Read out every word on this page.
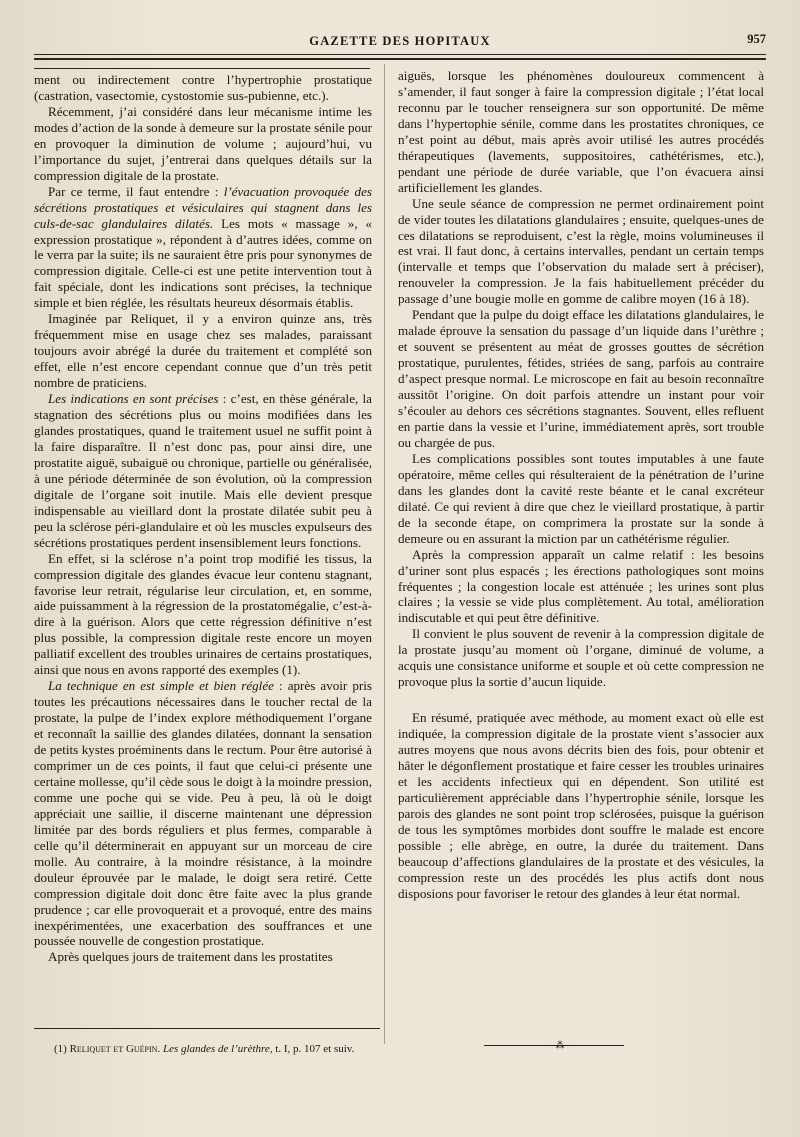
GAZETTE DES HOPITAUX	957

ment ou indirectement contre l’hypertrophie prostatique (castration, vasectomie, cystostomie sus-pubienne, etc.).

Récemment, j’ai considéré dans leur mécanisme intime les modes d’action de la sonde à demeure sur la prostate sénile pour en provoquer la diminution de volume ; aujourd’hui, vu l’importance du sujet, j’entrerai dans quelques détails sur la compression digitale de la prostate.

Par ce terme, il faut entendre : l’évacuation provoquée des sécrétions prostatiques et vésiculaires qui stagnent dans les culs-de-sac glandulaires dilatés. Les mots « massage », « expression prostatique », répondent à d’autres idées, comme on le verra par la suite; ils ne sauraient être pris pour synonymes de compression digitale. Celle-ci est une petite intervention tout à fait spéciale, dont les indications sont précises, la technique simple et bien réglée, les résultats heureux désormais établis.

Imaginée par Reliquet, il y a environ quinze ans, très fréquemment mise en usage chez ses malades, paraissant toujours avoir abrégé la durée du traitement et complété son effet, elle n’est encore cependant connue que d’un très petit nombre de praticiens.

Les indications en sont précises : c’est, en thèse générale, la stagnation des sécrétions plus ou moins modifiées dans les glandes prostatiques, quand le traitement usuel ne suffit point à la faire disparaître. Il n’est donc pas, pour ainsi dire, une prostatite aiguë, subaiguë ou chronique, partielle ou généralisée, à une période déterminée de son évolution, où la compression digitale de l’organe soit inutile. Mais elle devient presque indispensable au vieillard dont la prostate dilatée subit peu à peu la sclérose péri-glandulaire et où les muscles expulseurs des sécrétions prostatiques perdent insensiblement leurs fonctions.

En effet, si la sclérose n’a point trop modifié les tissus, la compression digitale des glandes évacue leur contenu stagnant, favorise leur retrait, régularise leur circulation, et, en somme, aide puissamment à la régression de la prostatomégalie, c’est-à-dire à la guérison. Alors que cette régression définitive n’est plus possible, la compression digitale reste encore un moyen palliatif excellent des troubles urinaires de certains prostatiques, ainsi que nous en avons rapporté des exemples (1).

La technique en est simple et bien réglée : après avoir pris toutes les précautions nécessaires dans le toucher rectal de la prostate, la pulpe de l’index explore méthodiquement l’organe et reconnaît la saillie des glandes dilatées, donnant la sensation de petits kystes proéminents dans le rectum. Pour être autorisé à comprimer un de ces points, il faut que celui-ci présente une certaine mollesse, qu’il cède sous le doigt à la moindre pression, comme une poche qui se vide. Peu à peu, là où le doigt appréciait une saillie, il discerne maintenant une dépression limitée par des bords réguliers et plus fermes, comparable à celle qu’il déterminerait en appuyant sur un morceau de cire molle. Au contraire, à la moindre résistance, à la moindre douleur éprouvée par le malade, le doigt sera retiré. Cette compression digitale doit donc être faite avec la plus grande prudence ; car elle provoquerait et a provoqué, entre des mains inexpérimentées, une exacerbation des souffrances et une poussée nouvelle de congestion prostatique.

Après quelques jours de traitement dans les prostatites

aiguës, lorsque les phénomènes douloureux commencent à s’amender, il faut songer à faire la compression digitale ; l’état local reconnu par le toucher renseignera sur son opportunité. De même dans l’hypertophie sénile, comme dans les prostatites chroniques, ce n’est point au début, mais après avoir utilisé les autres procédés thérapeutiques (lavements, suppositoires, cathétérismes, etc.), pendant une période de durée variable, que l’on évacuera ainsi artificiellement les glandes.

Une seule séance de compression ne permet ordinairement point de vider toutes les dilatations glandulaires ; ensuite, quelques-unes de ces dilatations se reproduisent, c’est la règle, moins volumineuses il est vrai. Il faut donc, à certains intervalles, pendant un certain temps (intervalle et temps que l’observation du malade sert à préciser), renouveler la compression. Je la fais habituellement précéder du passage d’une bougie molle en gomme de calibre moyen (16 à 18).

Pendant que la pulpe du doigt efface les dilatations glandulaires, le malade éprouve la sensation du passage d’un liquide dans l’urèthre ; et souvent se présentent au méat de grosses gouttes de sécrétion prostatique, purulentes, fétides, striées de sang, parfois au contraire d’aspect presque normal. Le microscope en fait au besoin reconnaître aussitôt l’origine. On doit parfois attendre un instant pour voir s’écouler au dehors ces sécrétions stagnantes. Souvent, elles refluent en partie dans la vessie et l’urine, immédiatement après, sort trouble ou chargée de pus.

Les complications possibles sont toutes imputables à une faute opératoire, même celles qui résulteraient de la pénétration de l’urine dans les glandes dont la cavité reste béante et le canal excréteur dilaté. Ce qui revient à dire que chez le vieillard prostatique, à partir de la seconde étape, on comprimera la prostate sur la sonde à demeure ou en assurant la miction par un cathétérisme régulier.

Après la compression apparaît un calme relatif : les besoins d’uriner sont plus espacés ; les érections pathologiques sont moins fréquentes ; la congestion locale est atténuée ; les urines sont plus claires ; la vessie se vide plus complètement. Au total, amélioration indiscutable et qui peut être définitive.

Il convient le plus souvent de revenir à la compression digitale de la prostate jusqu’au moment où l’organe, diminué de volume, a acquis une consistance uniforme et souple et où cette compression ne provoque plus la sortie d’aucun liquide.

En résumé, pratiquée avec méthode, au moment exact où elle est indiquée, la compression digitale de la prostate vient s’associer aux autres moyens que nous avons décrits bien des fois, pour obtenir et hâter le dégonflement prostatique et faire cesser les troubles urinaires et les accidents infectieux qui en dépendent. Son utilité est particulièrement appréciable dans l’hypertrophie sénile, lorsque les parois des glandes ne sont point trop sclérosées, puisque la guérison de tous les symptômes morbides dont souffre le malade est encore possible ; elle abrège, en outre, la durée du traitement. Dans beaucoup d’affections glandulaires de la prostate et des vésicules, la compression reste un des procédés les plus actifs dont nous disposions pour favoriser le retour des glandes à leur état normal.

(1) Reliquet et Guépin. Les glandes de l’urèthre, t. I, p. 107 et suiv.	—⁂—
